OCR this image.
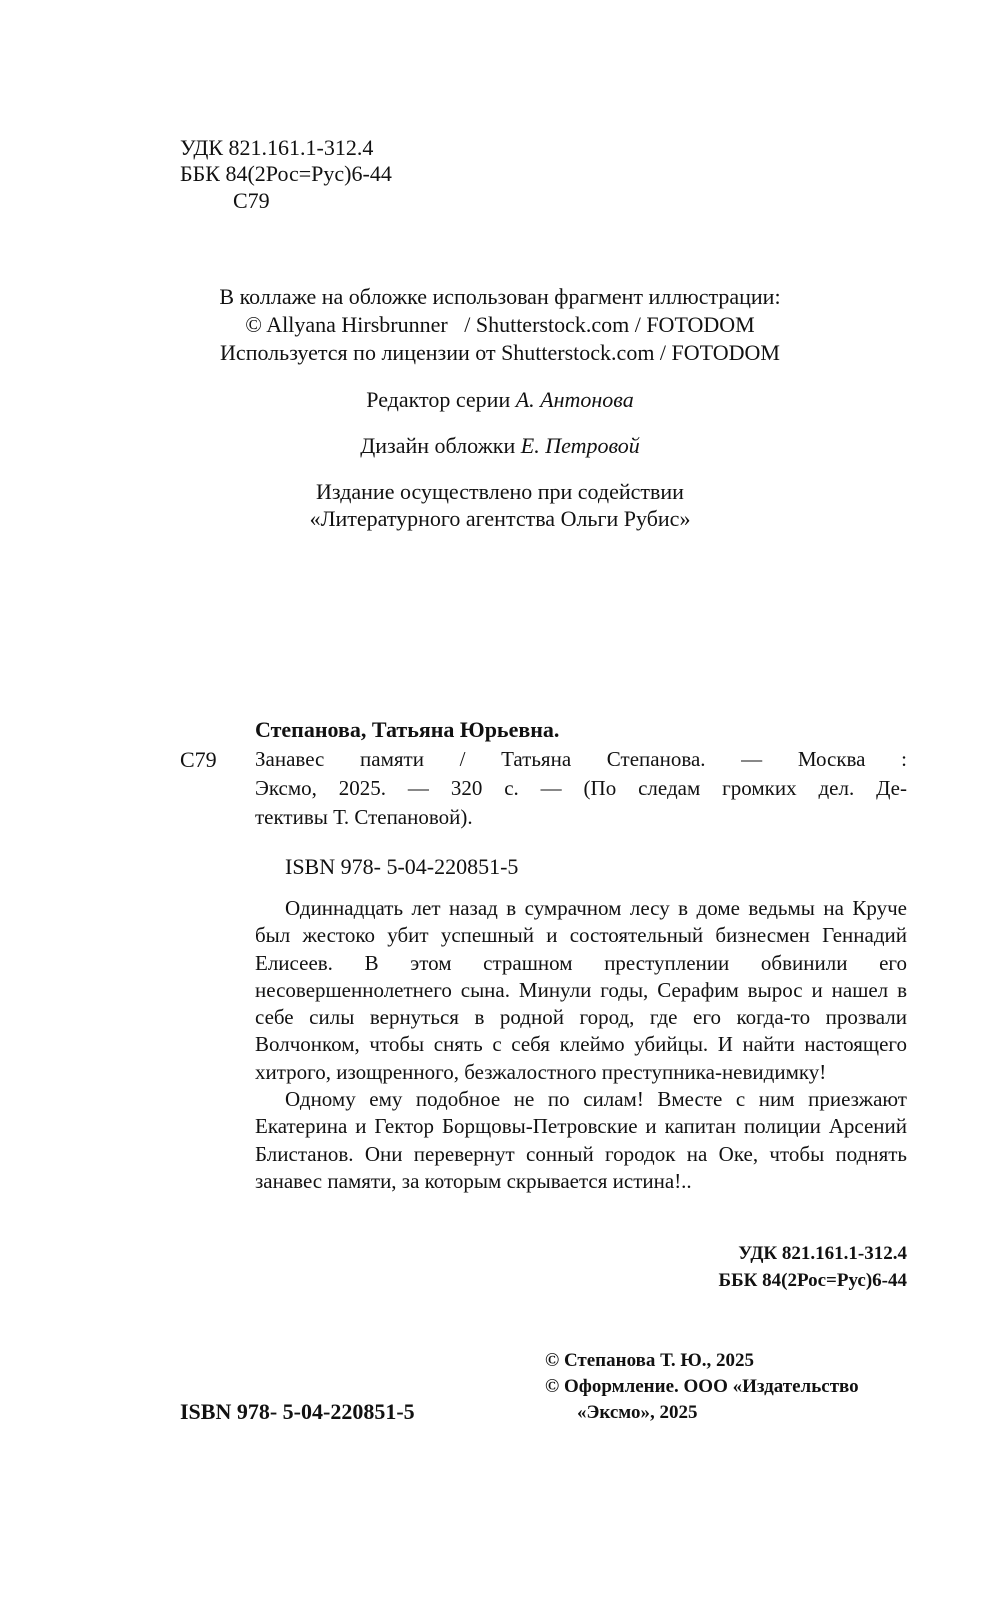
УДК 821.161.1-312.4
ББК 84(2Рос=Рус)6-44
С79
В коллаже на обложке использован фрагмент иллюстрации:
© Allyana Hirsbrunner   / Shutterstock.com / FOTODOM
Используется по лицензии от Shutterstock.com / FOTODOM
Редактор серии А. Антонова
Дизайн обложки Е. Петровой
Издание осуществлено при содействии
«Литературного агентства Ольги Рубис»
Степанова, Татьяна Юрьевна.
С79 Занавес памяти / Татьяна Степанова. — Москва :
Эксмо, 2025. — 320 с. — (По следам громких дел. Де-
тективы Т. Степановой).
ISBN 978- 5-04-220851-5

Одиннадцать лет назад в сумрачном лесу в доме ведьмы на Круче был жестоко убит успешный и состоятельный бизнесмен Геннадий Елисеев. В этом страшном преступлении обвинили его несовершеннолетнего сына. Минули годы, Серафим вырос и нашел в себе силы вернуться в родной город, где его когда-то прозвали Волчонком, чтобы снять с себя клеймо убийцы. И найти настоящего хитрого, изощренного, безжалостного преступника-невидимку!

Одному ему подобное не по силам! Вместе с ним приезжают Екатерина и Гектор Борщовы-Петровские и капитан полиции Арсений Блистанов. Они перевернут сонный городок на Оке, чтобы поднять занавес памяти, за которым скрывается истина!..

УДК 821.161.1-312.4
ББК 84(2Рос=Рус)6-44
ISBN 978- 5-04-220851-5
© Степанова Т. Ю., 2025
© Оформление. ООО «Издательство
«Эксмо», 2025
